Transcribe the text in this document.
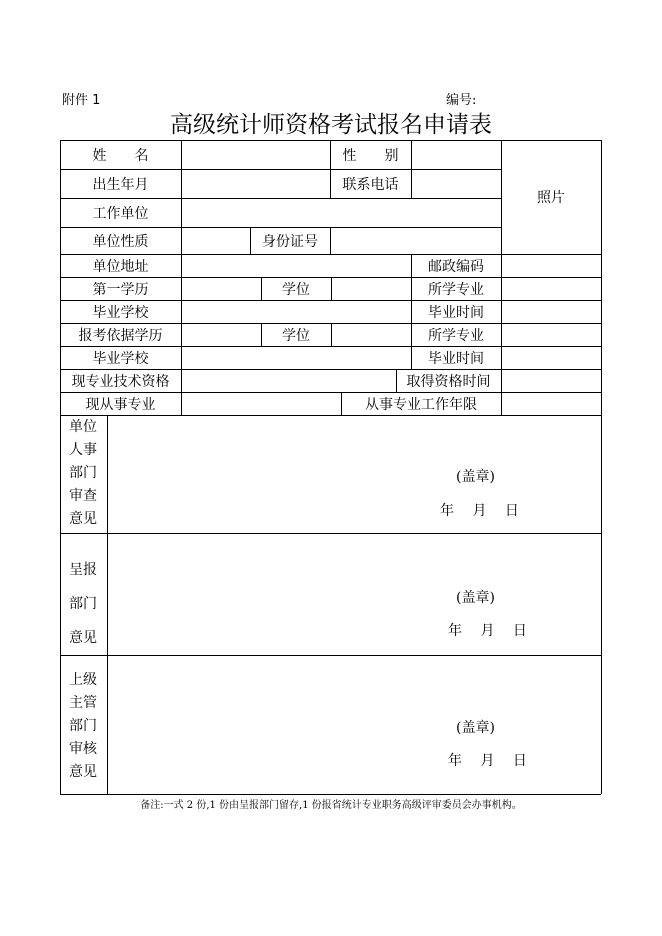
附件 1	编号:
高级统计师资格考试报名申请表
姓　　名	性　　别
照片
出生年月	联系电话
工作单位
单位性质	身份证号
单位地址	邮政编码
第一学历	学位	所学专业
毕业学校	毕业时间
报考依据学历	学位	所学专业
毕业学校	毕业时间
现专业技术资格	取得资格时间
现从事专业	从事专业工作年限
单位
人事
部门
审查
意见
(盖章)
年　 月　 日
呈报
部门
意见
(盖章)
年　 月　 日
上级
主管
部门
审核
意见
(盖章)
年　 月　 日
备注:一式 2 份,1 份由呈报部门留存,1 份报省统计专业职务高级评审委员会办事机构。
